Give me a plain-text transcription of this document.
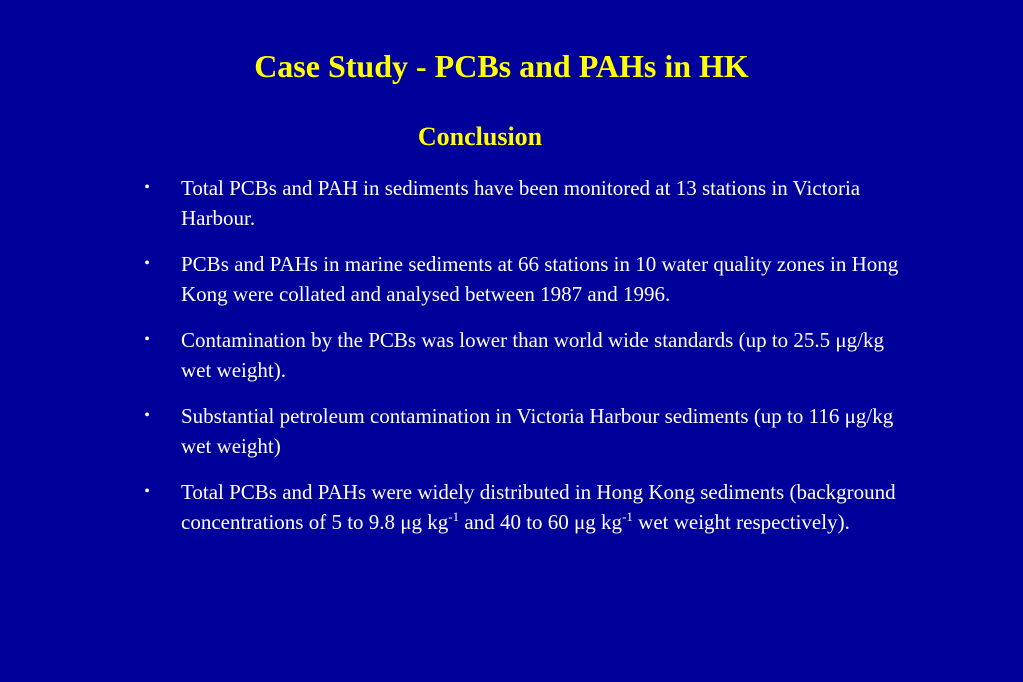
Case Study - PCBs and PAHs in HK
Conclusion
•	Total PCBs and PAH in sediments have been monitored at 13 stations in Victoria Harbour.
•	PCBs and PAHs in marine sediments at 66 stations in 10 water quality zones in Hong Kong were collated and analysed between 1987 and 1996.
•	Contamination by the PCBs was lower than world wide standards (up to 25.5 μg/kg wet weight).
•	Substantial petroleum contamination in Victoria Harbour sediments (up to 116 μg/kg wet weight)
•	Total PCBs and PAHs were widely distributed in Hong Kong sediments (background concentrations of 5 to 9.8 μg $kg^{-1}$ and 40 to 60 μg $kg^{-1}$ wet weight respectively).
